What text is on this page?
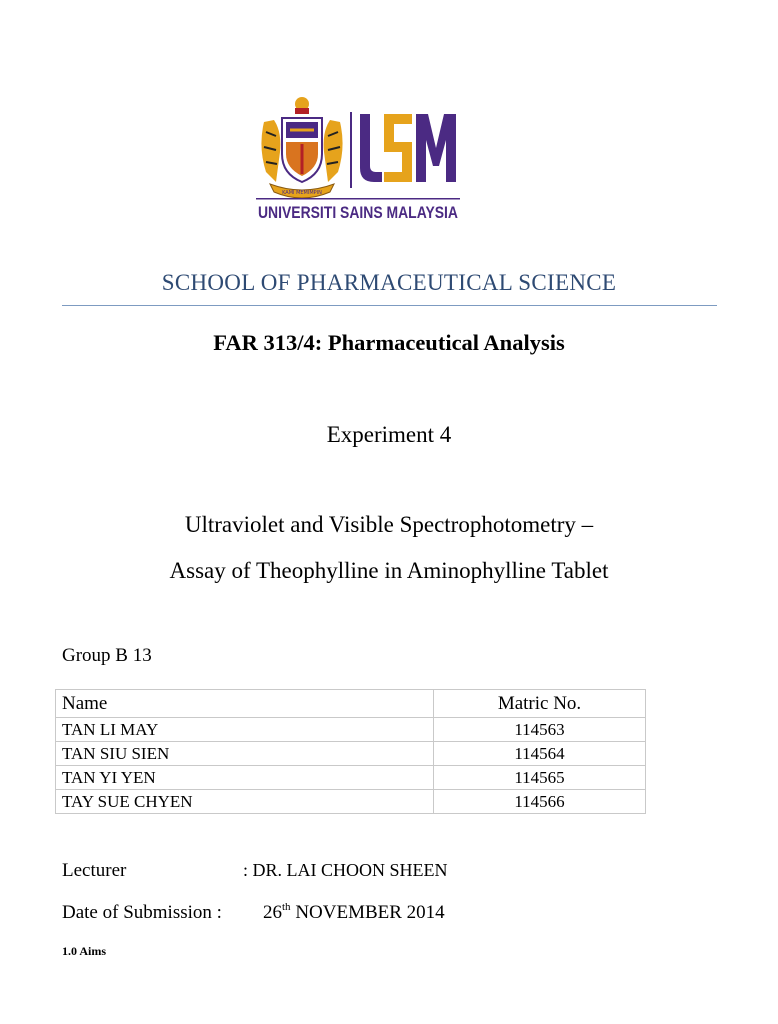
KAMI MEMIMPIN
UNIVERSITI SAINS MALAYSIA
SCHOOL OF PHARMACEUTICAL SCIENCE
FAR 313/4: Pharmaceutical Analysis
Experiment 4
Ultraviolet and Visible Spectrophotometry –
Assay of Theophylline in Aminophylline Tablet
Group B 13
Name	Matric No.
TAN LI MAY	114563
TAN SIU SIEN	114564
TAN YI YEN	114565
TAY SUE CHYEN	114566
Lecturer	: DR. LAI CHOON SHEEN
Date of Submission : 26th NOVEMBER 2014
1.0 Aims
